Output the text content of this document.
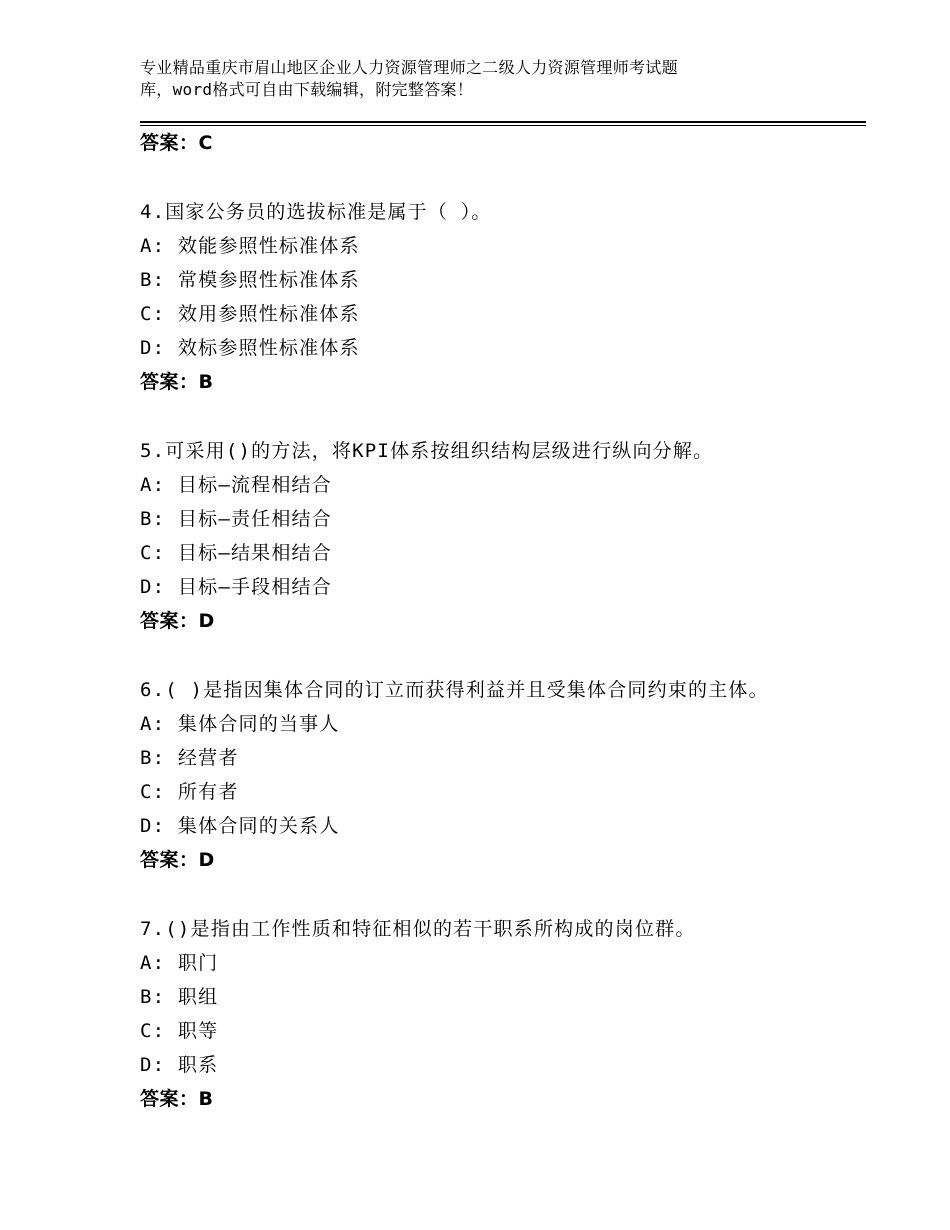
专业精品重庆市眉山地区企业人力资源管理师之二级人力资源管理师考试题
库，word格式可自由下载编辑，附完整答案！
答案：C
4.国家公务员的选拔标准是属于（ ）。
A: 效能参照性标准体系
B: 常模参照性标准体系
C: 效用参照性标准体系
D: 效标参照性标准体系
答案：B
5.可采用()的方法，将KPI体系按组织结构层级进行纵向分解。
A: 目标—流程相结合
B: 目标—责任相结合
C: 目标—结果相结合
D: 目标—手段相结合
答案：D
6.( )是指因集体合同的订立而获得利益并且受集体合同约束的主体。
A: 集体合同的当事人
B: 经营者
C: 所有者
D: 集体合同的关系人
答案：D
7.()是指由工作性质和特征相似的若干职系所构成的岗位群。
A: 职门
B: 职组
C: 职等
D: 职系
答案：B
